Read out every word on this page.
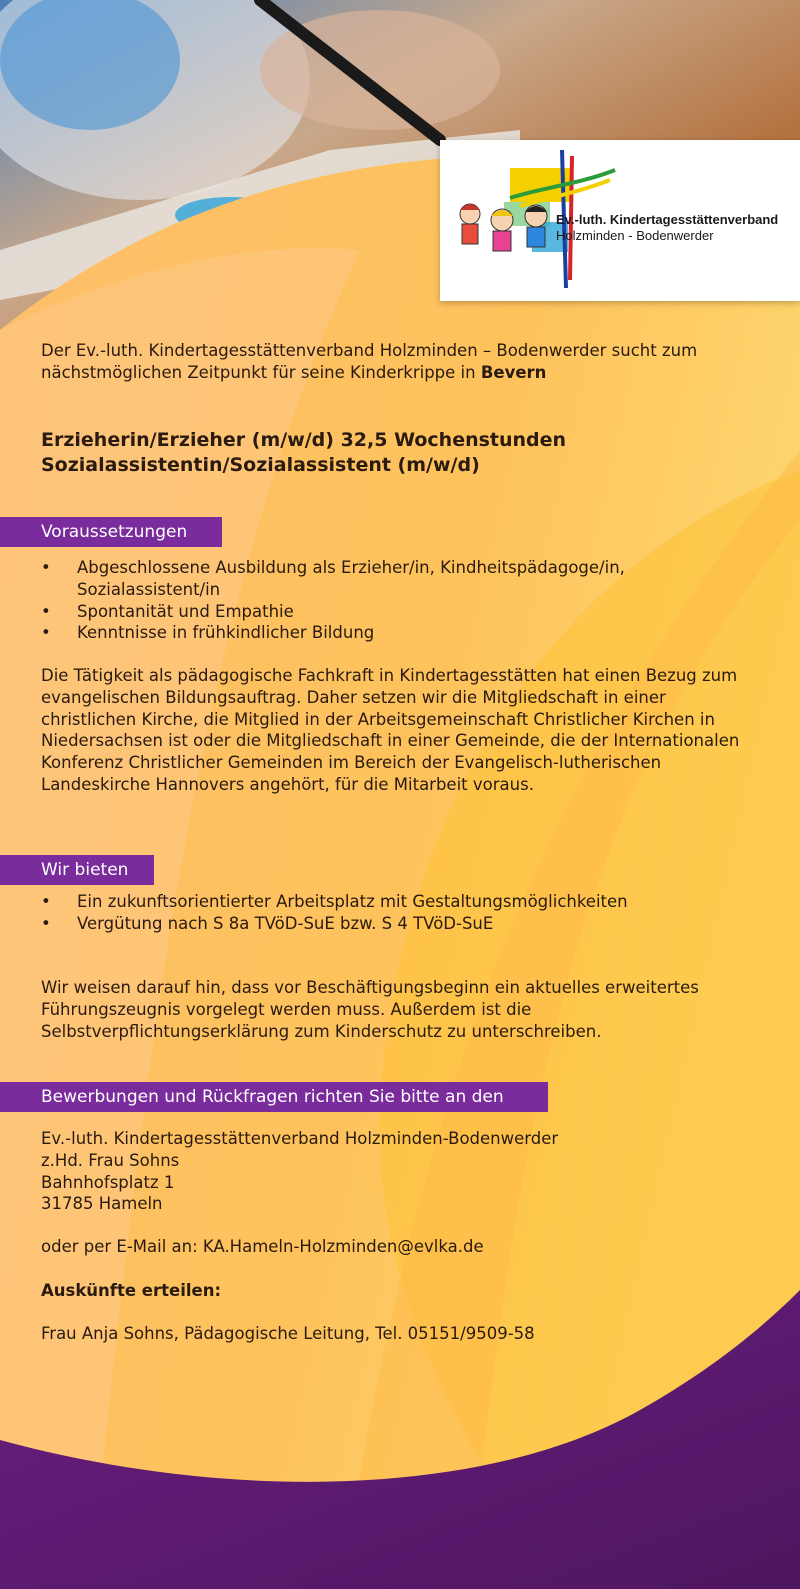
Ev.-luth. Kindertagesstättenverband
Holzminden - Bodenwerder

Der Ev.-luth. Kindertagesstättenverband Holzminden – Bodenwerder sucht zum nächstmöglichen Zeitpunkt für seine Kinderkrippe in Bevern

Erzieherin/Erzieher (m/w/d) 32,5 Wochenstunden
Sozialassistentin/Sozialassistent (m/w/d)
Voraussetzungen
• Abgeschlossene Ausbildung als Erzieher/in, Kindheitspädagoge/in, Sozialassistent/in
• Spontanität und Empathie
• Kenntnisse in frühkindlicher Bildung

Die Tätigkeit als pädagogische Fachkraft in Kindertagesstätten hat einen Bezug zum evangelischen Bildungsauftrag. Daher setzen wir die Mitgliedschaft in einer christlichen Kirche, die Mitglied in der Arbeitsgemeinschaft Christlicher Kirchen in Niedersachsen ist oder die Mitgliedschaft in einer Gemeinde, die der Internationalen Konferenz Christlicher Gemeinden im Bereich der Evangelisch-lutherischen Landeskirche Hannovers angehört, für die Mitarbeit voraus.

Wir bieten
• Ein zukunftsorientierter Arbeitsplatz mit Gestaltungsmöglichkeiten
• Vergütung nach S 8a TVöD-SuE bzw. S 4 TVöD-SuE

Wir weisen darauf hin, dass vor Beschäftigungsbeginn ein aktuelles erweitertes Führungszeugnis vorgelegt werden muss. Außerdem ist die Selbstverpflichtungserklärung zum Kinderschutz zu unterschreiben.

Bewerbungen und Rückfragen richten Sie bitte an den
Ev.-luth. Kindertagesstättenverband Holzminden-Bodenwerder
z.Hd. Frau Sohns
Bahnhofsplatz 1
31785 Hameln

oder per E-Mail an: KA.Hameln-Holzminden@evlka.de

Auskünfte erteilen:

Frau Anja Sohns, Pädagogische Leitung, Tel. 05151/9509-58
